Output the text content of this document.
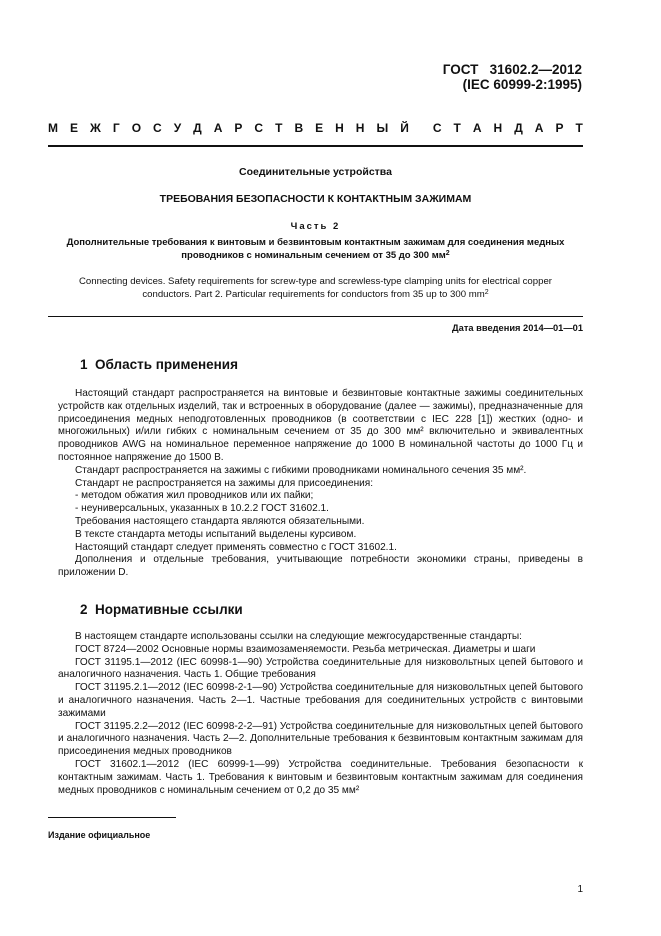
ГОСТ   31602.2—2012
(IEC 60999-2:1995)
М Е Ж Г О С У Д А Р С Т В Е Н Н Ы Й С Т А Н Д А Р Т
Соединительные устройства
ТРЕБОВАНИЯ БЕЗОПАСНОСТИ К КОНТАКТНЫМ ЗАЖИМАМ
Часть 2
Дополнительные требования к винтовым и безвинтовым контактным зажимам для соединения медных
проводников с номинальным сечением от 35 до 300 $мм^2$
Connecting devices. Safety requirements for screw-type and screwless-type clamping units for electrical copper
conductors. Part 2. Particular requirements for conductors from 35 up to 300 $mm^2$
Дата введения 2014—01—01
1  Область применения

Настоящий стандарт распространяется на винтовые и безвинтовые контактные зажимы соединительных устройств как отдельных изделий, так и встроенных в оборудование (далее — зажимы), предназначенные для присоединения медных неподготовленных проводников (в соответствии с IEC 228 [1]) жестких (одно- и многожильных) и/или гибких с номинальным сечением от 35 до 300 мм² включительно и эквивалентных проводников AWG на номинальное переменное напряжение до 1000 В номинальной частоты до 1000 Гц и постоянное напряжение до 1500 В.

Стандарт распространяется на зажимы с гибкими проводниками номинального сечения 35 мм².

Стандарт не распространяется на зажимы для присоединения:

- методом обжатия жил проводников или их пайки;

- неуниверсальных, указанных в 10.2.2 ГОСТ 31602.1.

Требования настоящего стандарта являются обязательными.

В тексте стандарта методы испытаний выделены курсивом.

Настоящий стандарт следует применять совместно с ГОСТ 31602.1.

Дополнения и отдельные требования, учитывающие потребности экономики страны, приведены в приложении D.

2  Нормативные ссылки

В настоящем стандарте использованы ссылки на следующие межгосударственные стандарты:

ГОСТ 8724—2002 Основные нормы взаимозаменяемости. Резьба метрическая. Диаметры и шаги

ГОСТ 31195.1—2012 (IEC 60998-1—90) Устройства соединительные для низковольтных цепей бытового и аналогичного назначения. Часть 1. Общие требования

ГОСТ 31195.2.1—2012 (IEC 60998-2-1—90) Устройства соединительные для низковольтных цепей бытового и аналогичного назначения. Часть 2—1. Частные требования для соединительных устройств с винтовыми зажимами

ГОСТ 31195.2.2—2012 (IEC 60998-2-2—91) Устройства соединительные для низковольтных цепей бытового и аналогичного назначения. Часть 2—2. Дополнительные требования к безвинтовым контактным зажимам для присоединения медных проводников

ГОСТ 31602.1—2012 (IEC 60999-1—99) Устройства соединительные. Требования безопасности к контактным зажимам. Часть 1. Требования к винтовым и безвинтовым контактным зажимам для соединения медных проводников с номинальным сечением от 0,2 до 35 мм²

Издание официальное
1
